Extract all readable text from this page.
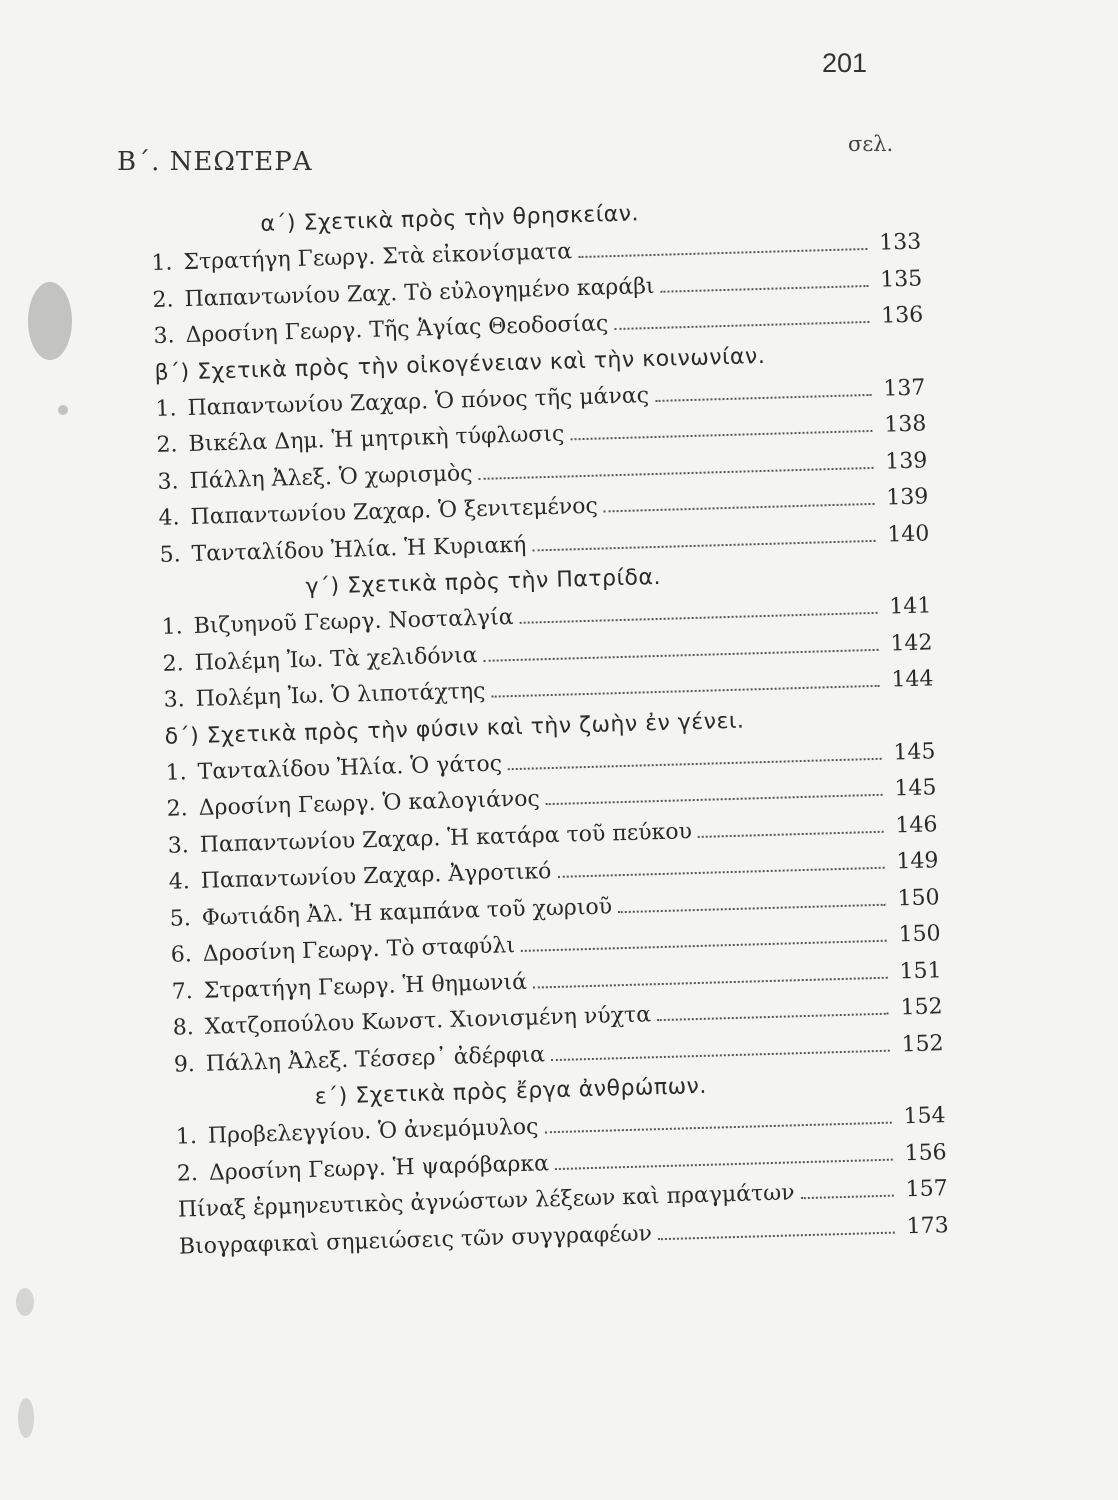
201
Β΄. ΝΕΩΤΕΡΑ
σελ.
α΄) Σχετικὰ πρὸς τὴν θρησκείαν.
1. Στρατήγη Γεωργ. Στὰ εἰκονίσματα	133
2. Παπαντωνίου Ζαχ. Τὸ εὐλογημένο καράβι	135
3. Δροσίνη Γεωργ. Τῆς Ἁγίας Θεοδοσίας	136
β΄) Σχετικὰ πρὸς τὴν οἰκογένειαν καὶ τὴν κοινωνίαν.
1. Παπαντωνίου Ζαχαρ. Ὁ πόνος τῆς μάνας	137
2. Βικέλα Δημ. Ἡ μητρικὴ τύφλωσις	138
3. Πάλλη Ἀλεξ. Ὁ χωρισμὸς	139
4. Παπαντωνίου Ζαχαρ. Ὁ ξενιτεμένος	139
5. Τανταλίδου Ἠλία. Ἡ Κυριακή	140
γ΄) Σχετικὰ πρὸς τὴν Πατρίδα.
1. Βιζυηνοῦ Γεωργ. Νοσταλγία	141
2. Πολέμη Ἰω. Τὰ χελιδόνια	142
3. Πολέμη Ἰω. Ὁ λιποτάχτης	144
δ΄) Σχετικὰ πρὸς τὴν φύσιν καὶ τὴν ζωὴν ἐν γένει.
1. Τανταλίδου Ἠλία. Ὁ γάτος	145
2. Δροσίνη Γεωργ. Ὁ καλογιάνος	145
3. Παπαντωνίου Ζαχαρ. Ἡ κατάρα τοῦ πεύκου	146
4. Παπαντωνίου Ζαχαρ. Ἀγροτικό	149
5. Φωτιάδη Ἀλ. Ἡ καμπάνα τοῦ χωριοῦ	150
6. Δροσίνη Γεωργ. Τὸ σταφύλι	150
7. Στρατήγη Γεωργ. Ἡ θημωνιά	151
8. Χατζοπούλου Κωνστ. Χιονισμένη νύχτα	152
9. Πάλλη Ἀλεξ. Τέσσερ᾿ ἀδέρφια	152
ε΄) Σχετικὰ πρὸς ἔργα ἀνθρώπων.
1. Προβελεγγίου. Ὁ ἀνεμόμυλος	154
2. Δροσίνη Γεωργ. Ἡ ψαρόβαρκα	156
Πίναξ ἑρμηνευτικὸς ἀγνώστων λέξεων καὶ πραγμάτων	157
Βιογραφικαὶ σημειώσεις τῶν συγγραφέων	173
